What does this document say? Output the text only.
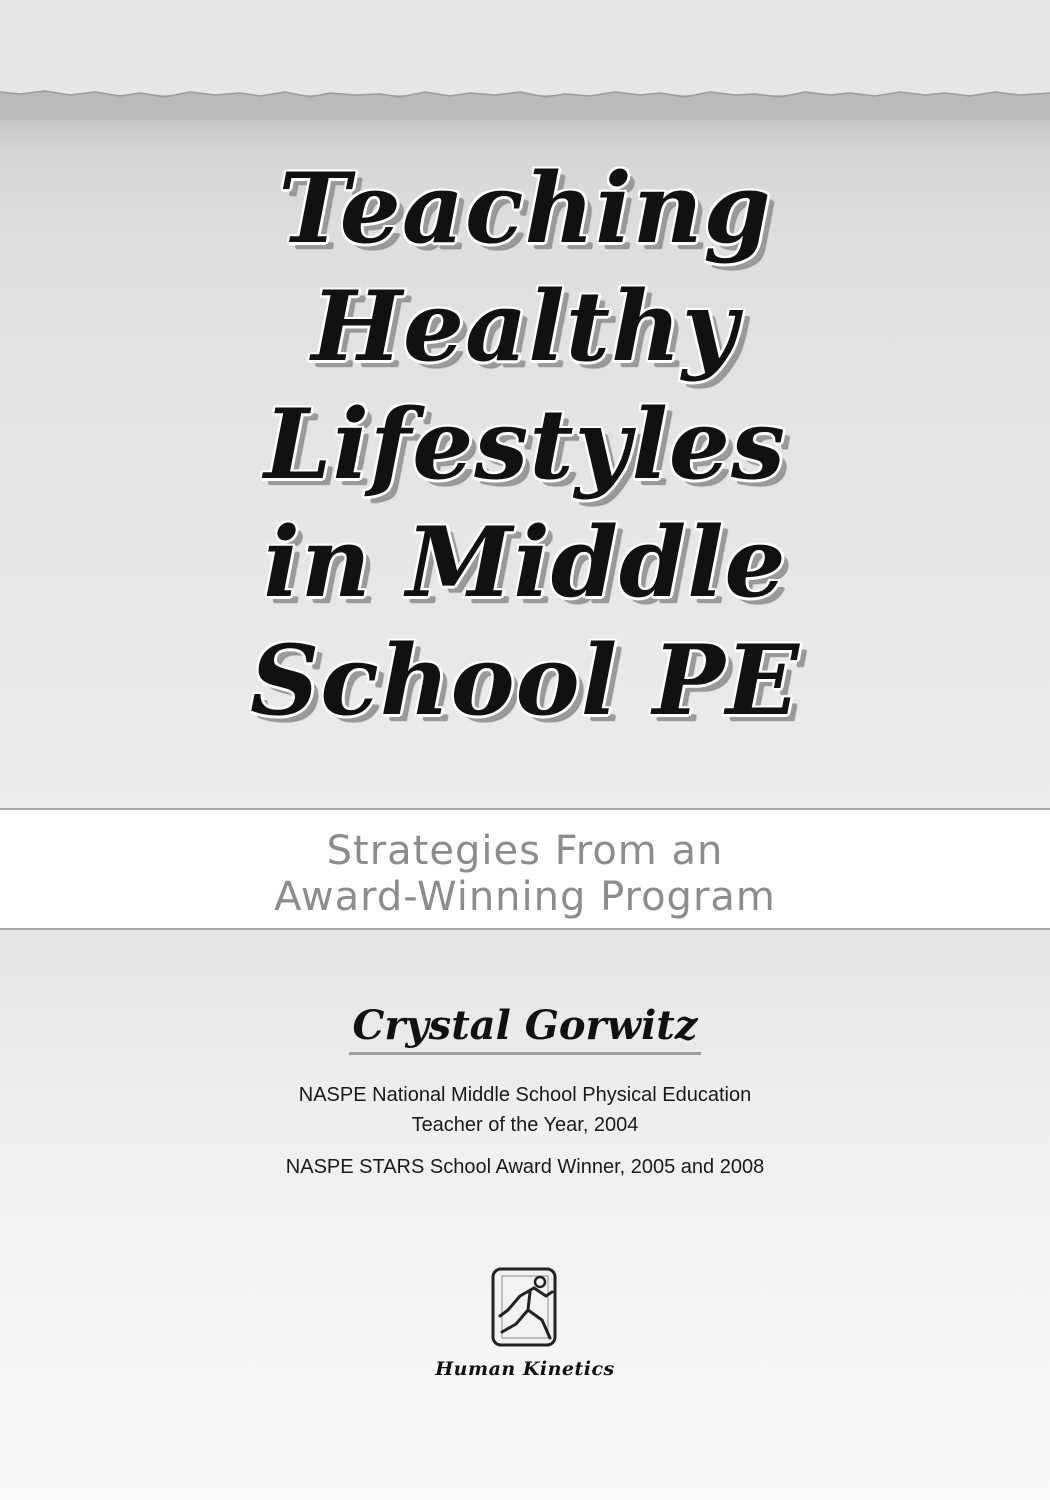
Teaching
Healthy
Lifestyles
in Middle
School PE
Strategies From an
Award-Winning Program
Crystal Gorwitz
NASPE National Middle School Physical Education
Teacher of the Year, 2004
NASPE STARS School Award Winner, 2005 and 2008
Human Kinetics
